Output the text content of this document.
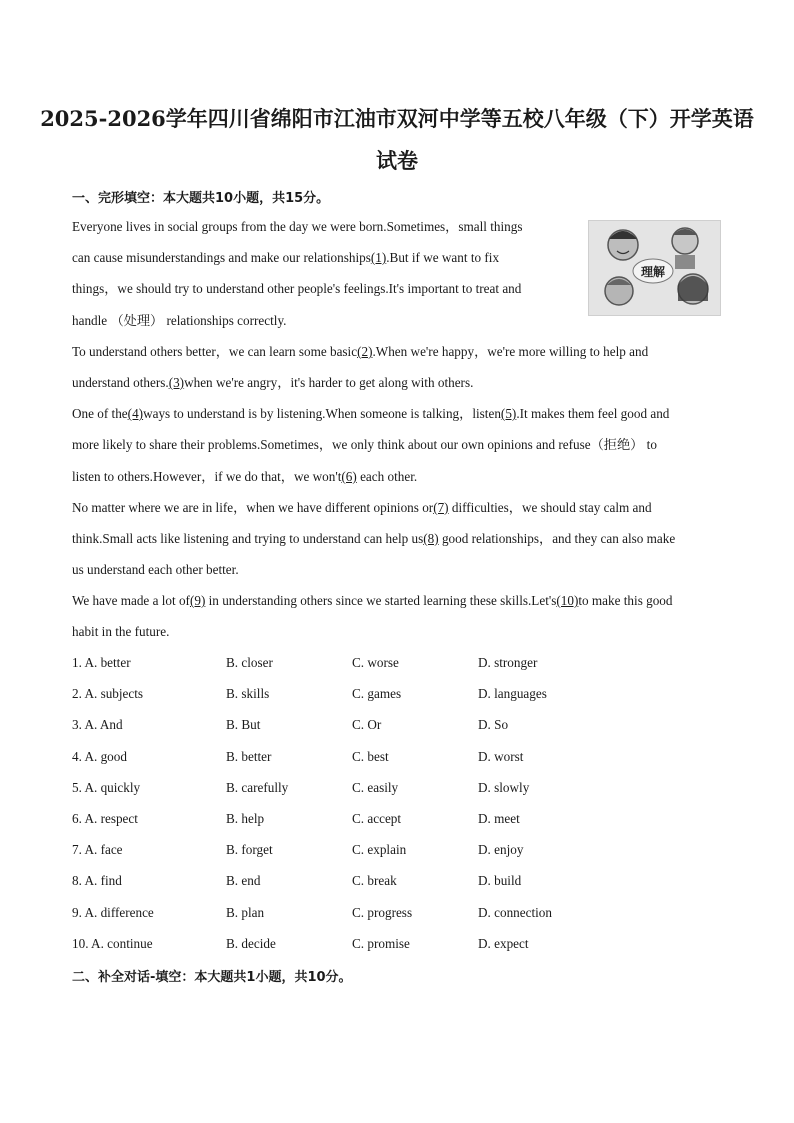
2025-2026学年四川省绵阳市江油市双河中学等五校八年级（下）开学英语试卷
一、完形填空：本大题共10小题，共15分。
理解
Everyone lives in social groups from the day we were born.Sometimes，small things
can cause misunderstandings and make our relationships(1).But if we want to fix
things，we should try to understand other people's feelings.It's important to treat and
handle （处理） relationships correctly.
To understand others better，we can learn some basic(2).When we're happy，we're more willing to help and
understand others.(3)when we're angry，it's harder to get along with others.
One of the(4)ways to understand is by listening.When someone is talking，listen(5).It makes them feel good and
more likely to share their problems.Sometimes，we only think about our own opinions and refuse（拒绝） to
listen to others.However，if we do that，we won't(6) each other.
No matter where we are in life，when we have different opinions or(7) difficulties，we should stay calm and
think.Small acts like listening and trying to understand can help us(8) good relationships，and they can also make
us understand each other better.
We have made a lot of(9) in understanding others since we started learning these skills.Let's(10)to make this good
habit in the future.
1. A. better	B. closer	C. worse	D. stronger
2. A. subjects	B. skills	C. games	D. languages
3. A. And	B. But	C. Or	D. So
4. A. good	B. better	C. best	D. worst
5. A. quickly	B. carefully	C. easily	D. slowly
6. A. respect	B. help	C. accept	D. meet
7. A. face	B. forget	C. explain	D. enjoy
8. A. find	B. end	C. break	D. build
9. A. difference	B. plan	C. progress	D. connection
10. A. continue	B. decide	C. promise	D. expect
二、补全对话-填空：本大题共1小题，共10分。
